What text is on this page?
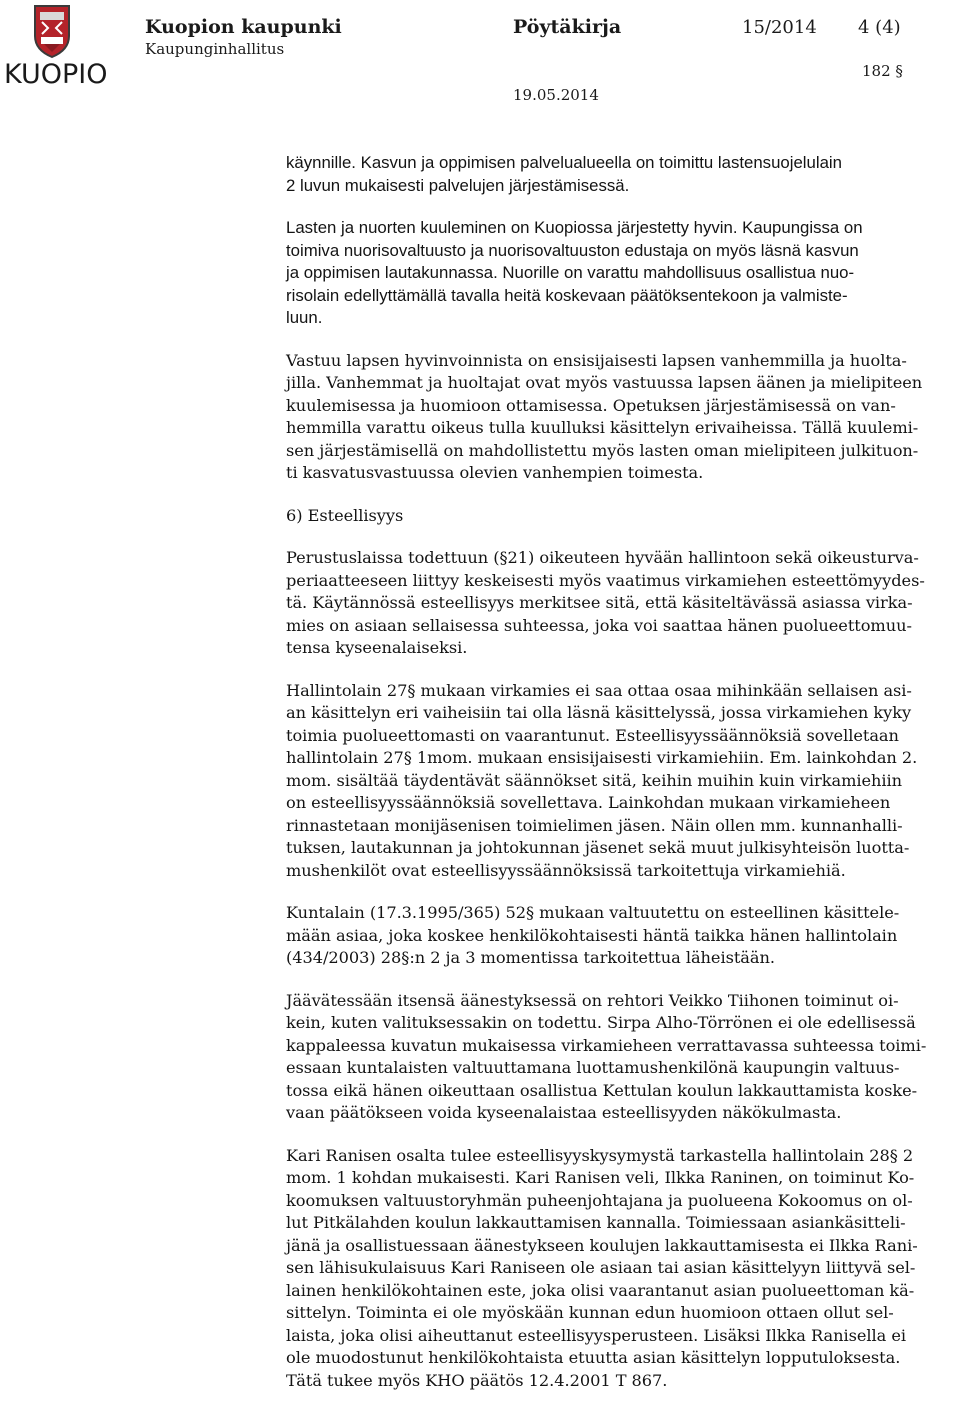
KUOPIO
Kuopion kaupunki
Kaupunginhallitus
Pöytäkirja	15/2014 4 (4)
182 §
19.05.2014

käynnille. Kasvun ja oppimisen palvelualueella on toimittu lastensuojelulain
2 luvun mukaisesti palvelujen järjestämisessä.

Lasten ja nuorten kuuleminen on Kuopiossa järjestetty hyvin. Kaupungissa on
toimiva nuorisovaltuusto ja nuorisovaltuuston edustaja on myös läsnä kasvun
ja oppimisen lautakunnassa. Nuorille on varattu mahdollisuus osallistua nuo-
risolain edellyttämällä tavalla heitä koskevaan päätöksentekoon ja valmiste-
luun.

Vastuu lapsen hyvinvoinnista on ensisijaisesti lapsen vanhemmilla ja huolta-
jilla. Vanhemmat ja huoltajat ovat myös vastuussa lapsen äänen ja mielipiteen
kuulemisessa ja huomioon ottamisessa. Opetuksen järjestämisessä on van-
hemmilla varattu oikeus tulla kuulluksi käsittelyn erivaiheissa. Tällä kuulemi-
sen järjestämisellä on mahdollistettu myös lasten oman mielipiteen julkituon-
ti kasvatusvastuussa olevien vanhempien toimesta.

6) Esteellisyys

Perustuslaissa todettuun (§21) oikeuteen hyvään hallintoon sekä oikeusturva-
periaatteeseen liittyy keskeisesti myös vaatimus virkamiehen esteettömyydes-
tä. Käytännössä esteellisyys merkitsee sitä, että käsiteltävässä asiassa virka-
mies on asiaan sellaisessa suhteessa, joka voi saattaa hänen puolueettomuu-
tensa kyseenalaiseksi.

Hallintolain 27§ mukaan virkamies ei saa ottaa osaa mihinkään sellaisen asi-
an käsittelyn eri vaiheisiin tai olla läsnä käsittelyssä, jossa virkamiehen kyky
toimia puolueettomasti on vaarantunut. Esteellisyyssäännöksiä sovelletaan
hallintolain 27§ 1mom. mukaan ensisijaisesti virkamiehiin. Em. lainkohdan 2.
mom. sisältää täydentävät säännökset sitä, keihin muihin kuin virkamiehiin
on esteellisyyssäännöksiä sovellettava. Lainkohdan mukaan virkamieheen
rinnastetaan monijäsenisen toimielimen jäsen. Näin ollen mm. kunnanhalli-
tuksen, lautakunnan ja johtokunnan jäsenet sekä muut julkisyhteisön luotta-
mushenkilöt ovat esteellisyyssäännöksissä tarkoitettuja virkamiehiä.

Kuntalain (17.3.1995/365) 52§ mukaan valtuutettu on esteellinen käsittele-
mään asiaa, joka koskee henkilökohtaisesti häntä taikka hänen hallintolain
(434/2003) 28§:n 2 ja 3 momentissa tarkoitettua läheistään.

Jäävätessään itsensä äänestyksessä on rehtori Veikko Tiihonen toiminut oi-
kein, kuten valituksessakin on todettu. Sirpa Alho-Törrönen ei ole edellisessä
kappaleessa kuvatun mukaisessa virkamieheen verrattavassa suhteessa toimi-
essaan kuntalaisten valtuuttamana luottamushenkilönä kaupungin valtuus-
tossa eikä hänen oikeuttaan osallistua Kettulan koulun lakkauttamista koske-
vaan päätökseen voida kyseenalaistaa esteellisyyden näkökulmasta.

Kari Ranisen osalta tulee esteellisyyskysymystä tarkastella hallintolain 28§ 2
mom. 1 kohdan mukaisesti. Kari Ranisen veli, Ilkka Raninen, on toiminut Ko-
koomuksen valtuustoryhmän puheenjohtajana ja puolueena Kokoomus on ol-
lut Pitkälahden koulun lakkauttamisen kannalla. Toimiessaan asiankäsitteli-
jänä ja osallistuessaan äänestykseen koulujen lakkauttamisesta ei Ilkka Rani-
sen lähisukulaisuus Kari Raniseen ole asiaan tai asian käsittelyyn liittyvä sel-
lainen henkilökohtainen este, joka olisi vaarantanut asian puolueettoman kä-
sittelyn. Toiminta ei ole myöskään kunnan edun huomioon ottaen ollut sel-
laista, joka olisi aiheuttanut esteellisyysperusteen. Lisäksi Ilkka Ranisella ei
ole muodostunut henkilökohtaista etuutta asian käsittelyn lopputuloksesta.
Tätä tukee myös KHO päätös 12.4.2001 T 867.
